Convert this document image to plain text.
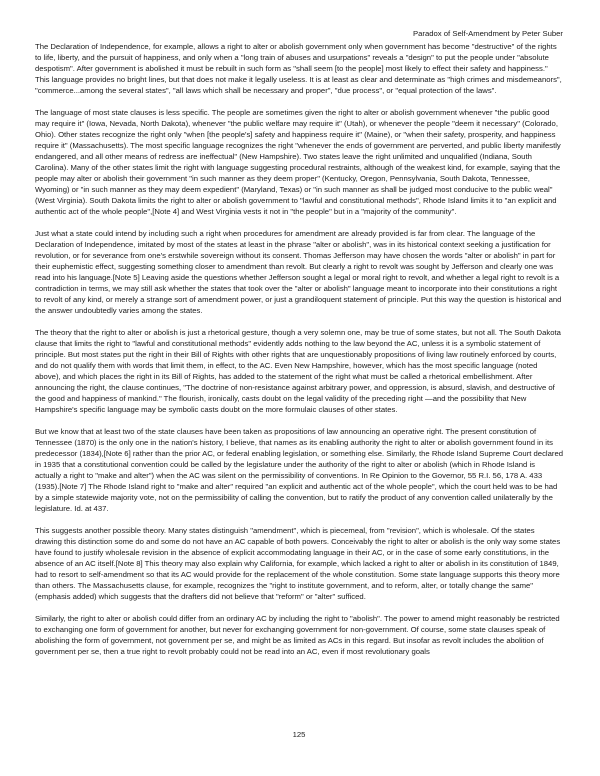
Paradox of Self-Amendment by Peter Suber

The Declaration of Independence, for example, allows a right to alter or abolish government only when government has become "destructive" of the rights to life, liberty, and the pursuit of happiness, and only when a "long train of abuses and usurpations" reveals a "design" to put the people under "absolute despotism". After government is abolished it must be rebuilt in such form as "shall seem [to the people] most likely to effect their safety and happiness." This language provides no bright lines, but that does not make it legally useless. It is at least as clear and determinate as "high crimes and misdemeanors", "commerce...among the several states", "all laws which shall be necessary and proper", "due process", or "equal protection of the laws".

The language of most state clauses is less specific. The people are sometimes given the right to alter or abolish government whenever "the public good may require it" (Iowa, Nevada, North Dakota), whenever "the public welfare may require it" (Utah), or whenever the people "deem it necessary" (Colorado, Ohio). Other states recognize the right only "when [the people's] safety and happiness require it" (Maine), or "when their safety, prosperity, and happiness require it" (Massachusetts). The most specific language recognizes the right "whenever the ends of government are perverted, and public liberty manifestly endangered, and all other means of redress are ineffectual" (New Hampshire). Two states leave the right unlimited and unqualified (Indiana, South Carolina). Many of the other states limit the right with language suggesting procedural restraints, although of the weakest kind, for example, saying that the people may alter or abolish their government "in such manner as they deem proper" (Kentucky, Oregon, Pennsylvania, South Dakota, Tennessee, Wyoming) or "in such manner as they may deem expedient" (Maryland, Texas) or "in such manner as shall be judged most conducive to the public weal" (West Virginia). South Dakota limits the right to alter or abolish government to "lawful and constitutional methods", Rhode Island limits it to "an explicit and authentic act of the whole people",[Note 4] and West Virginia vests it not in "the people" but in a "majority of the community".

Just what a state could intend by including such a right when procedures for amendment are already provided is far from clear. The language of the Declaration of Independence, imitated by most of the states at least in the phrase "alter or abolish", was in its historical context seeking a justification for revolution, or for severance from one's erstwhile sovereign without its consent. Thomas Jefferson may have chosen the words "alter or abolish" in part for their euphemistic effect, suggesting something closer to amendment than revolt. But clearly a right to revolt was sought by Jefferson and clearly one was read into his language.[Note 5] Leaving aside the questions whether Jefferson sought a legal or moral right to revolt, and whether a legal right to revolt is a contradiction in terms, we may still ask whether the states that took over the "alter or abolish" language meant to incorporate into their constitutions a right to revolt of any kind, or merely a strange sort of amendment power, or just a grandiloquent statement of principle. Put this way the question is historical and the answer undoubtedly varies among the states.

The theory that the right to alter or abolish is just a rhetorical gesture, though a very solemn one, may be true of some states, but not all. The South Dakota clause that limits the right to "lawful and constitutional methods" evidently adds nothing to the law beyond the AC, unless it is a symbolic statement of principle. But most states put the right in their Bill of Rights with other rights that are unquestionably propositions of living law routinely enforced by courts, and do not qualify them with words that limit them, in effect, to the AC. Even New Hampshire, however, which has the most specific language (noted above), and which places the right in its Bill of Rights, has added to the statement of the right what must be called a rhetorical embellishment. After announcing the right, the clause continues, "The doctrine of non-resistance against arbitrary power, and oppression, is absurd, slavish, and destructive of the good and happiness of mankind." The flourish, ironically, casts doubt on the legal validity of the preceding right —and the possibility that New Hampshire's specific language may be symbolic casts doubt on the more formulaic clauses of other states.

But we know that at least two of the state clauses have been taken as propositions of law announcing an operative right. The present constitution of Tennessee (1870) is the only one in the nation's history, I believe, that names as its enabling authority the right to alter or abolish government found in its predecessor (1834),[Note 6] rather than the prior AC, or federal enabling legislation, or something else. Similarly, the Rhode Island Supreme Court declared in 1935 that a constitutional convention could be called by the legislature under the authority of the right to alter or abolish (which in Rhode Island is actually a right to "make and alter") when the AC was silent on the permissibility of conventions. In Re Opinion to the Governor, 55 R.I. 56, 178 A. 433 (1935).[Note 7] The Rhode Island right to "make and alter" required "an explicit and authentic act of the whole people", which the court held was to be had by a simple statewide majority vote, not on the permissibility of calling the convention, but to ratify the product of any convention called unilaterally by the legislature. Id. at 437.

This suggests another possible theory. Many states distinguish "amendment", which is piecemeal, from "revision", which is wholesale. Of the states drawing this distinction some do and some do not have an AC capable of both powers. Conceivably the right to alter or abolish is the only way some states have found to justify wholesale revision in the absence of explicit accommodating language in their AC, or in the case of some early constitutions, in the absence of an AC itself.[Note 8] This theory may also explain why California, for example, which lacked a right to alter or abolish in its constitution of 1849, had to resort to self-amendment so that its AC would provide for the replacement of the whole constitution. Some state language supports this theory more than others. The Massachusetts clause, for example, recognizes the "right to institute government, and to reform, alter, or totally change the same" (emphasis added) which suggests that the drafters did not believe that "reform" or "alter" sufficed.

Similarly, the right to alter or abolish could differ from an ordinary AC by including the right to "abolish". The power to amend might reasonably be restricted to exchanging one form of government for another, but never for exchanging government for non-government. Of course, some state clauses speak of abolishing the form of government, not government per se, and might be as limited as ACs in this regard. But insofar as revolt includes the abolition of government per se, then a true right to revolt probably could not be read into an AC, even if most revolutionary goals

125
